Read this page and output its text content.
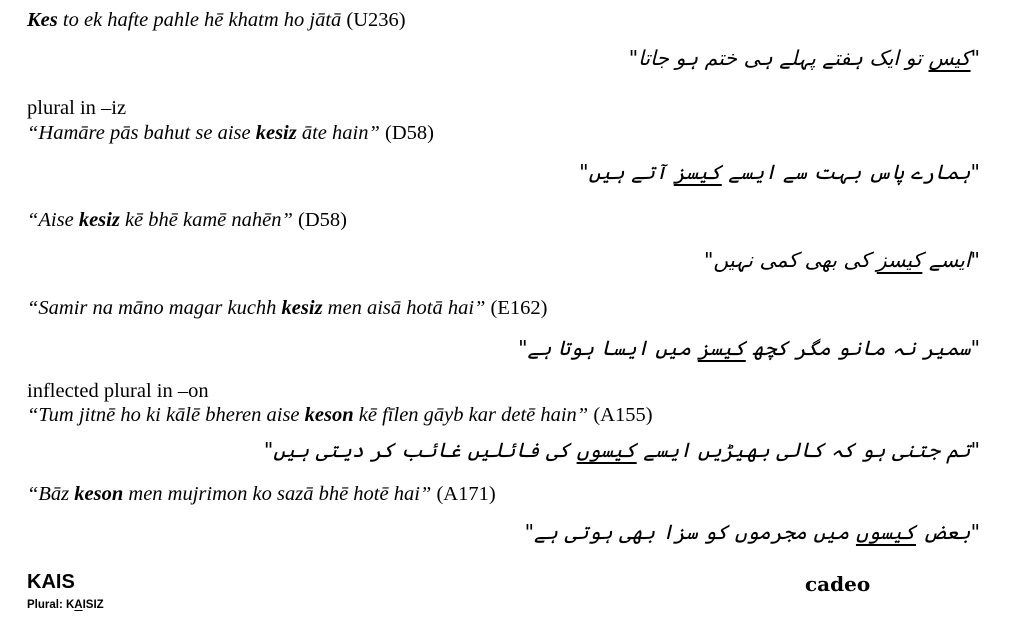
Kes to ek hafte pahle hē khatm ho jātā (U236)
"کیس تو ایک ہفتے پہلے ہی ختم ہو جاتا"
plural in –iz
“Hamāre pās bahut se aise kesiz āte hain” (D58)
"ہمارے پاس بہت سے ایسے کیسز آتے ہیں"
“Aise kesiz kē bhē kamē nahēn” (D58)
"ایسے کیسز کی بھی کمی نہیں"
“Samir na māno magar kuchh kesiz men aisā hotā hai” (E162)
"سمیر نہ مانو مگر کچھ کیسز میں ایسا ہوتا ہے"
inflected plural in –on
“Tum jitnē ho ki kālē bheren aise keson kē fīlen gāyb kar detē hain” (A155)
"تم جتنی ہو کہ کالی بھیڑیں ایسے کیسوں کی فائلیں غائب کر دیتی ہیں"
“Bāz keson men mujrimon ko sazā bhē hotē hai” (A171)
"بعض کیسوں میں مجرموں کو سزا بھی ہوتی ہے"
KAIS
Plural: KAISIZ
cadeo
